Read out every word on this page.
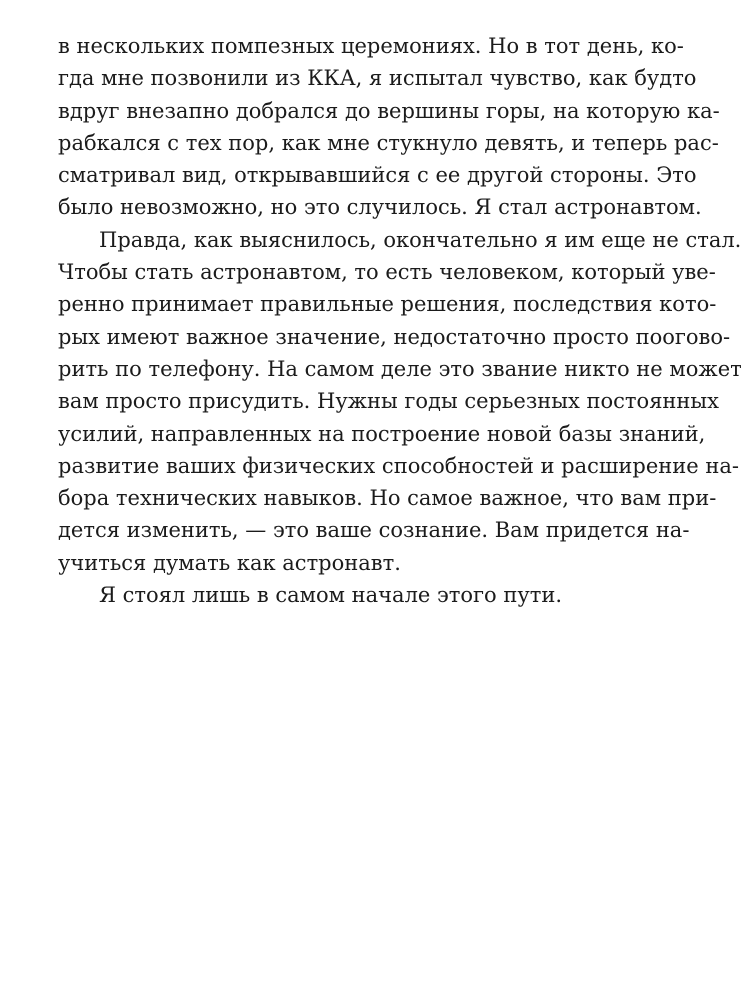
в нескольких помпезных церемониях. Но в тот день, ко-
гда мне позвонили из ККА, я испытал чувство, как будто
вдруг внезапно добрался до вершины горы, на которую ка-
рабкался с тех пор, как мне стукнуло девять, и теперь рас-
сматривал вид, открывавшийся с ее другой стороны. Это
было невозможно, но это случилось. Я стал астронавтом.
Правда, как выяснилось, окончательно я им еще не стал.
Чтобы стать астронавтом, то есть человеком, который уве-
ренно принимает правильные решения, последствия кото-
рых имеют важное значение, недостаточно просто поогово-
рить по телефону. На самом деле это звание никто не может
вам просто присудить. Нужны годы серьезных постоянных
усилий, направленных на построение новой базы знаний,
развитие ваших физических способностей и расширение на-
бора технических навыков. Но самое важное, что вам при-
дется изменить, — это ваше сознание. Вам придется на-
учиться думать как астронавт.
Я стоял лишь в самом начале этого пути.
